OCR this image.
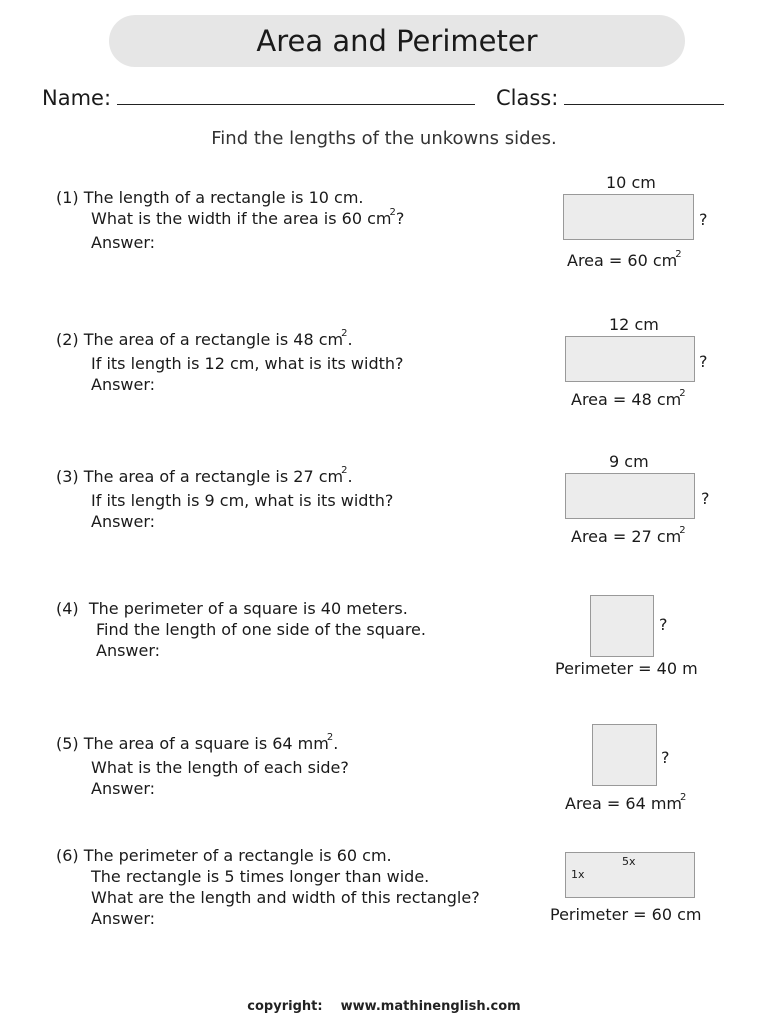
Area and Perimeter
Name:	Class:
Find the lengths of the unkowns sides.
(1) The length of a rectangle is 10 cm.
What is the width if the area is 60 $cm^2$?
Answer:
10 cm
?
Area = 60 $cm^2$
(2) The area of a rectangle is 48 $cm^2$.
If its length is 12 cm, what is its width?
Answer:
12 cm
?
Area = 48 $cm^2$
(3) The area of a rectangle is 27 $cm^2$.
If its length is 9 cm, what is its width?
Answer:
9 cm
?
Area = 27 $cm^2$
(4) The perimeter of a square is 40 meters.
Find the length of one side of the square.
Answer:
?
Perimeter = 40 m
(5) The area of a square is 64 $mm^2$.
What is the length of each side?
Answer:
?
Area = 64 $mm^2$
(6) The perimeter of a rectangle is 60 cm.
The rectangle is 5 times longer than wide.
What are the length and width of this rectangle?
Answer:
5x
1x
Perimeter = 60 cm
copyright:    www.mathinenglish.com
